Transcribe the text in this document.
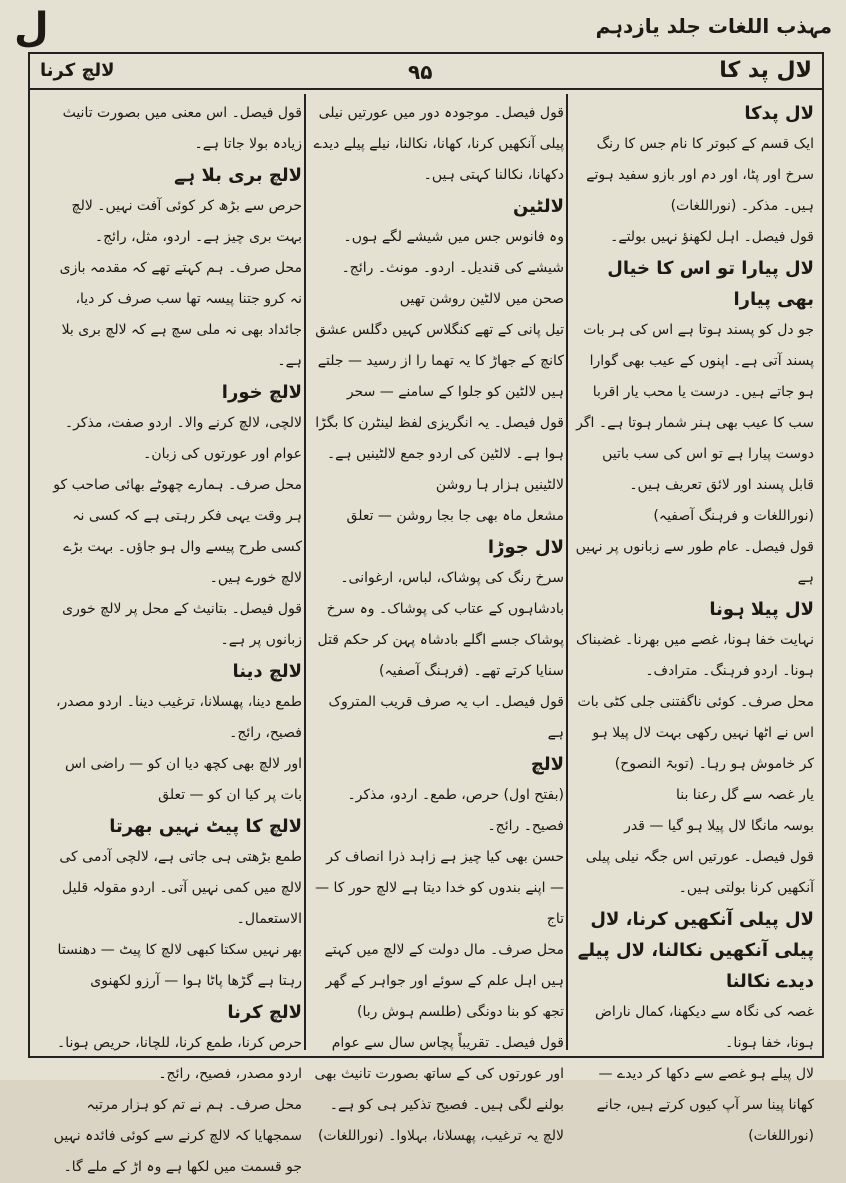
ل	مہذب اللغات جلد یازدہم
لالچ کرنا	۹۵	لال پد کا

لال پدکا

ایک قسم کے کبوتر کا نام جس کا رنگ سرخ اور پٹا، اور دم اور بازو سفید ہوتے ہیں۔ مذکر۔ (نوراللغات)

قول فیصل۔ اہل لکھنؤ نہیں بولتے۔

لال پیارا تو اس کا خیال بھی پیارا

جو دل کو پسند ہوتا ہے اس کی ہر بات پسند آتی ہے۔ اپنوں کے عیب بھی گوارا ہو جاتے ہیں۔ درست یا محب یار اقربا سب کا عیب بھی ہنر شمار ہوتا ہے۔ اگر دوست پیارا ہے تو اس کی سب باتیں قابل پسند اور لائق تعریف ہیں۔ (نوراللغات و فرہنگ آصفیہ)

قول فیصل۔ عام طور سے زبانوں پر نہیں ہے

لال پیلا ہونا

نہایت خفا ہونا، غصے میں بھرنا۔ غضبناک ہونا۔ اردو فرہنگ۔ مترادف۔

محل صرف۔ کوئی ناگفتنی جلی کٹی بات اس نے اٹھا نہیں رکھی بہت لال پیلا ہو کر خاموش ہو رہا۔ (توبۃ النصوح)

یار غصہ سے گل رعنا بنا

بوسہ مانگا لال پیلا ہو گیا — قدر

قول فیصل۔ عورتیں اس جگہ نیلی پیلی آنکھیں کرنا بولتی ہیں۔

لال پیلی آنکھیں کرنا، لال پیلی آنکھیں نکالنا، لال پیلے دیدے نکالنا

غصہ کی نگاہ سے دیکھنا، کمال ناراض ہونا، خفا ہونا۔

لال پیلے ہو غصے سے دکھا کر دیدے — کھانا پینا سر آپ کیوں کرتے ہیں، جانے (نوراللغات)

قول فیصل۔ موجودہ دور میں عورتیں نیلی پیلی آنکھیں کرنا، کھانا، نکالنا، نیلے پیلے دیدے دکھانا، نکالنا کہتی ہیں۔

لالٹین

وہ فانوس جس میں شیشے لگے ہوں۔ شیشے کی قندیل۔ اردو۔ مونث۔ رائج۔

صحن میں لالٹین روشن تھیں

تیل پانی کے تھے کنگلاس کہیں دگلس عشق

کانچ کے جھاڑ کا یہ تھما را از رسید — جلتے ہیں لالٹین کو جلوا کے سامنے — سحر

قول فیصل۔ یہ انگریزی لفظ لینٹرن کا بگڑا ہوا ہے۔ لالٹین کی اردو جمع لالٹینیں ہے۔

لالٹینیں ہزار ہا روشن

مشعل ماہ بھی جا بجا روشن — تعلق

لال جوڑا

سرخ رنگ کی پوشاک، لباس، ارغوانی۔ بادشاہوں کے عتاب کی پوشاک۔ وہ سرخ پوشاک جسے اگلے بادشاہ پہن کر حکم قتل سنایا کرتے تھے۔ (فرہنگ آصفیہ)

قول فیصل۔ اب یہ صرف قریب المتروک ہے

لالچ

(بفتح اول) حرص، طمع۔ اردو، مذکر۔ فصیح۔ رائج۔

حسن بھی کیا چیز ہے زاہد ذرا انصاف کر — اپنے بندوں کو خدا دیتا ہے لالچ حور کا — تاج

محل صرف۔ مال دولت کے لالچ میں کہتے ہیں اہل علم کے سوئے اور جواہر کے گھر تجھ کو بنا دونگی (طلسم ہوش ربا)

قول فیصل۔ تقریباً پچاس سال سے عوام اور عورتوں کی کے ساتھ بصورت تانیث بھی بولنے لگی ہیں۔ فصیح تذکیر ہی کو ہے۔

لالچ یہ ترغیب، پھسلانا، بہلاوا۔ (نوراللغات)

قول فیصل۔ اس معنی میں بصورت تانیث زیادہ بولا جاتا ہے۔

لالچ بری بلا ہے

حرص سے بڑھ کر کوئی آفت نہیں۔ لالچ بہت بری چیز ہے۔ اردو، مثل، رائج۔

محل صرف۔ ہم کہتے تھے کہ مقدمہ بازی نہ کرو جتنا پیسہ تھا سب صرف کر دیا، جائداد بھی نہ ملی سچ ہے کہ لالچ بری بلا ہے۔

لالچ خورا

لالچی، لالچ کرنے والا۔ اردو صفت، مذکر۔ عوام اور عورتوں کی زبان۔

محل صرف۔ ہمارے چھوٹے بھائی صاحب کو ہر وقت یہی فکر رہتی ہے کہ کسی نہ کسی طرح پیسے وال ہو جاؤں۔ بہت بڑے لالچ خورے ہیں۔

قول فیصل۔ بتانیث کے محل پر لالچ خوری زبانوں پر ہے۔

لالچ دینا

طمع دینا، پھسلانا، ترغیب دینا۔ اردو مصدر، فصیح، رائج۔

اور لالچ بھی کچھ دیا ان کو — راضی اس بات پر کیا ان کو — تعلق

لالچ کا پیٹ نہیں بھرتا

طمع بڑھتی ہی جاتی ہے، لالچی آدمی کی لالچ میں کمی نہیں آتی۔ اردو مقولہ قلیل الاستعمال۔

بھر نہیں سکتا کبھی لالچ کا پیٹ — دھنستا رہتا ہے گڑھا پاٹا ہوا — آرزو لکھنوی

لالچ کرنا

حرص کرنا، طمع کرنا، للچانا، حریص ہونا۔ اردو مصدر، فصیح، رائج۔

محل صرف۔ ہم نے تم کو ہزار مرتبہ سمجھایا کہ لالچ کرنے سے کوئی فائدہ نہیں جو قسمت میں لکھا ہے وہ اڑ کے ملے گا۔
